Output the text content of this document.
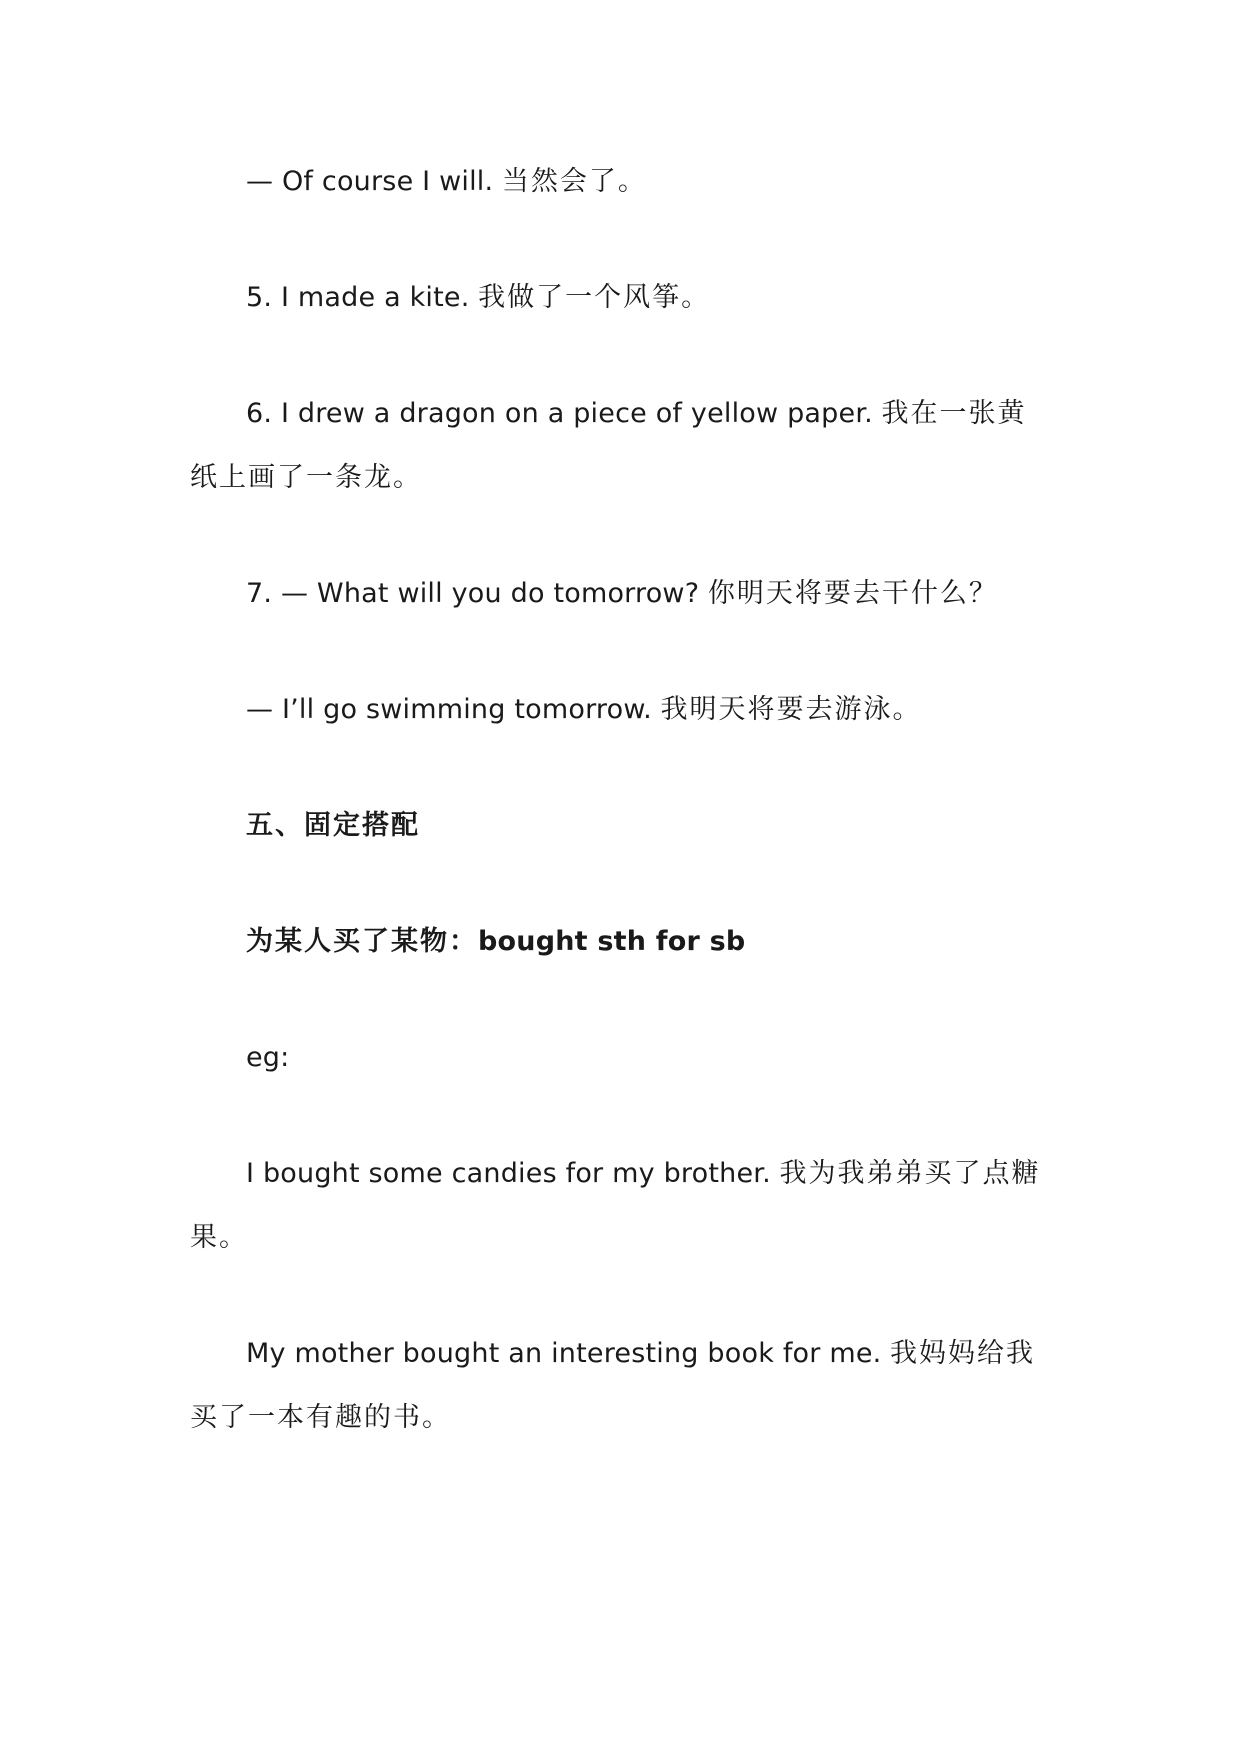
— Of course I will. 当然会了。

5. I made a kite. 我做了一个风筝。

6. I drew a dragon on a piece of yellow paper. 我在一张黄纸上画了一条龙。

7. — What will you do tomorrow? 你明天将要去干什么？

— I’ll go swimming tomorrow. 我明天将要去游泳。

五、固定搭配

为某人买了某物：bought sth for sb

eg:

I bought some candies for my brother. 我为我弟弟买了点糖果。

My mother bought an interesting book for me. 我妈妈给我买了一本有趣的书。
